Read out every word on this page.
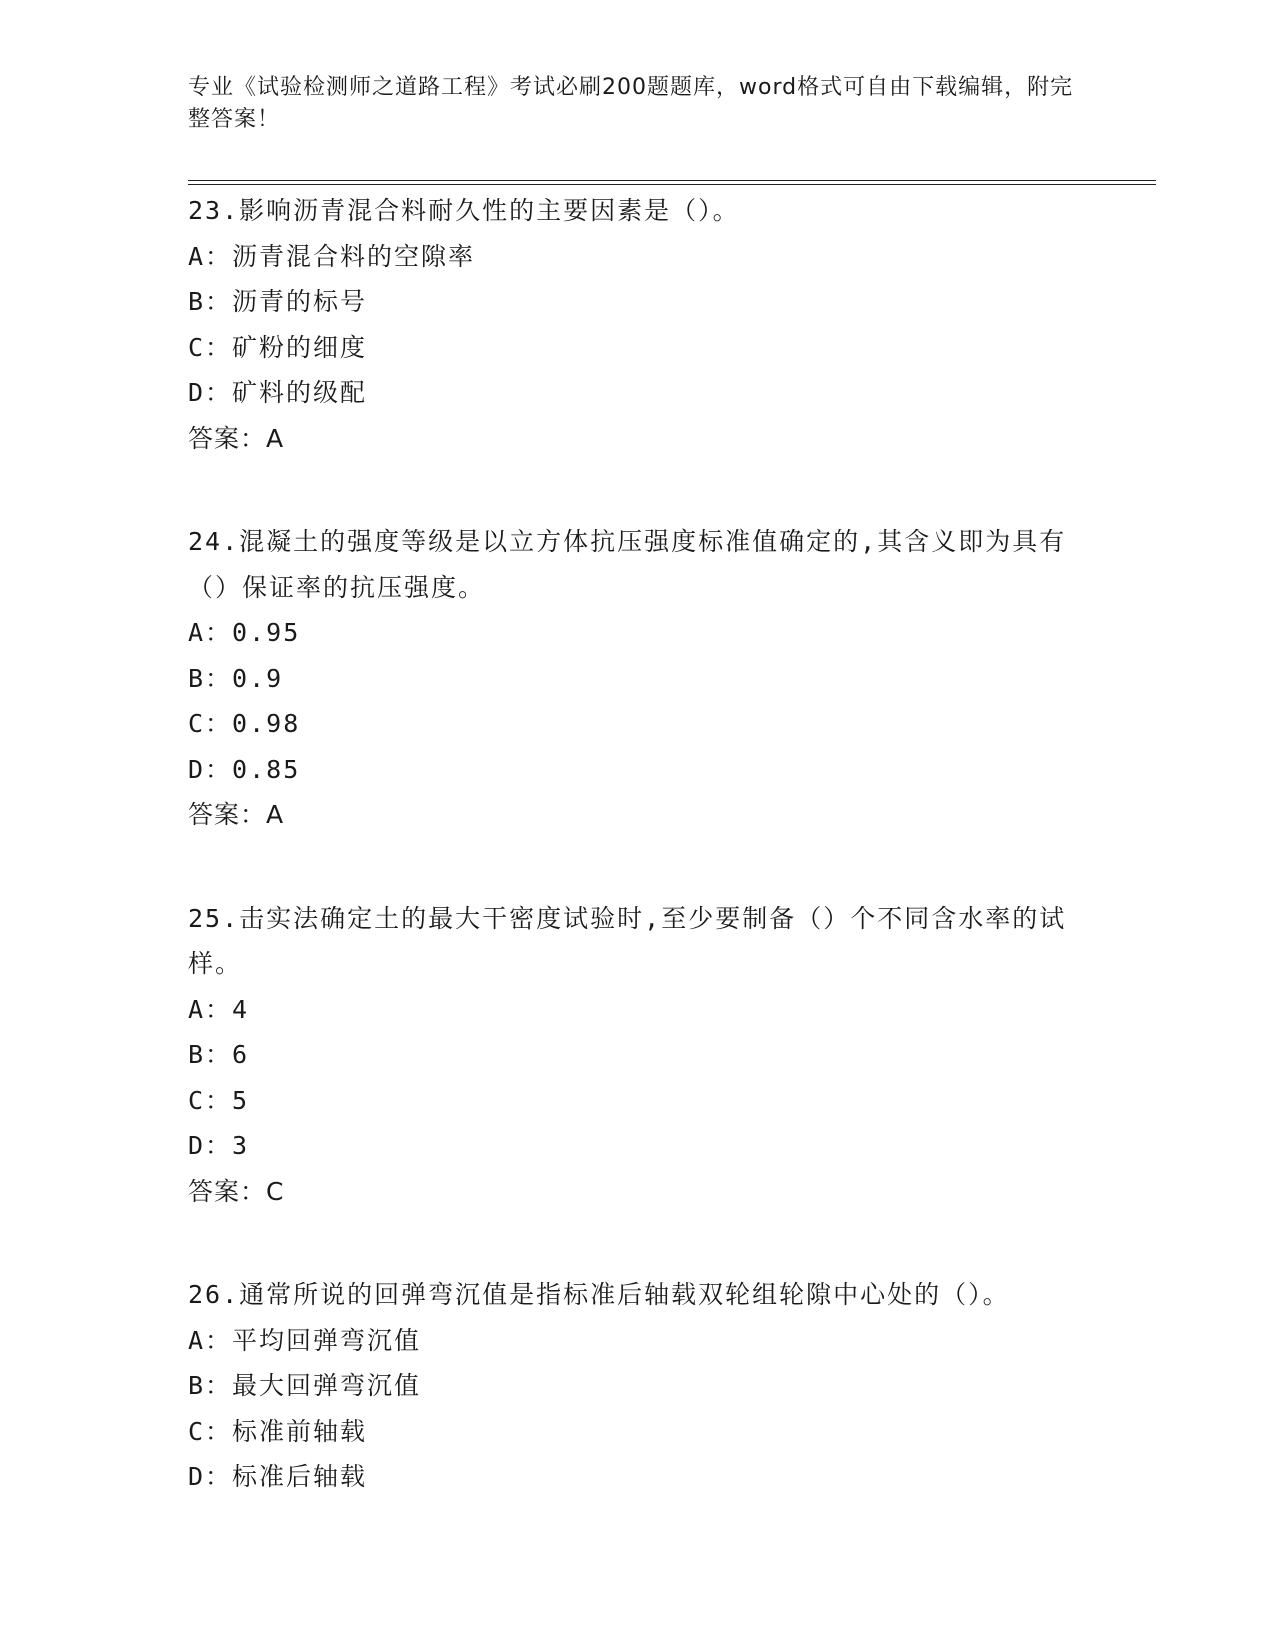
专业《试验检测师之道路工程》考试必刷200题题库，word格式可自由下载编辑，附完整答案！
23.影响沥青混合料耐久性的主要因素是（）。
A：沥青混合料的空隙率
B：沥青的标号
C：矿粉的细度
D：矿料的级配
答案：A
24.混凝土的强度等级是以立方体抗压强度标准值确定的,其含义即为具有（）保证率的抗压强度。
A：0.95
B：0.9
C：0.98
D：0.85
答案：A
25.击实法确定土的最大干密度试验时,至少要制备（）个不同含水率的试样。
A：4
B：6
C：5
D：3
答案：C
26.通常所说的回弹弯沉值是指标准后轴载双轮组轮隙中心处的（）。
A：平均回弹弯沉值
B：最大回弹弯沉值
C：标准前轴载
D：标准后轴载
